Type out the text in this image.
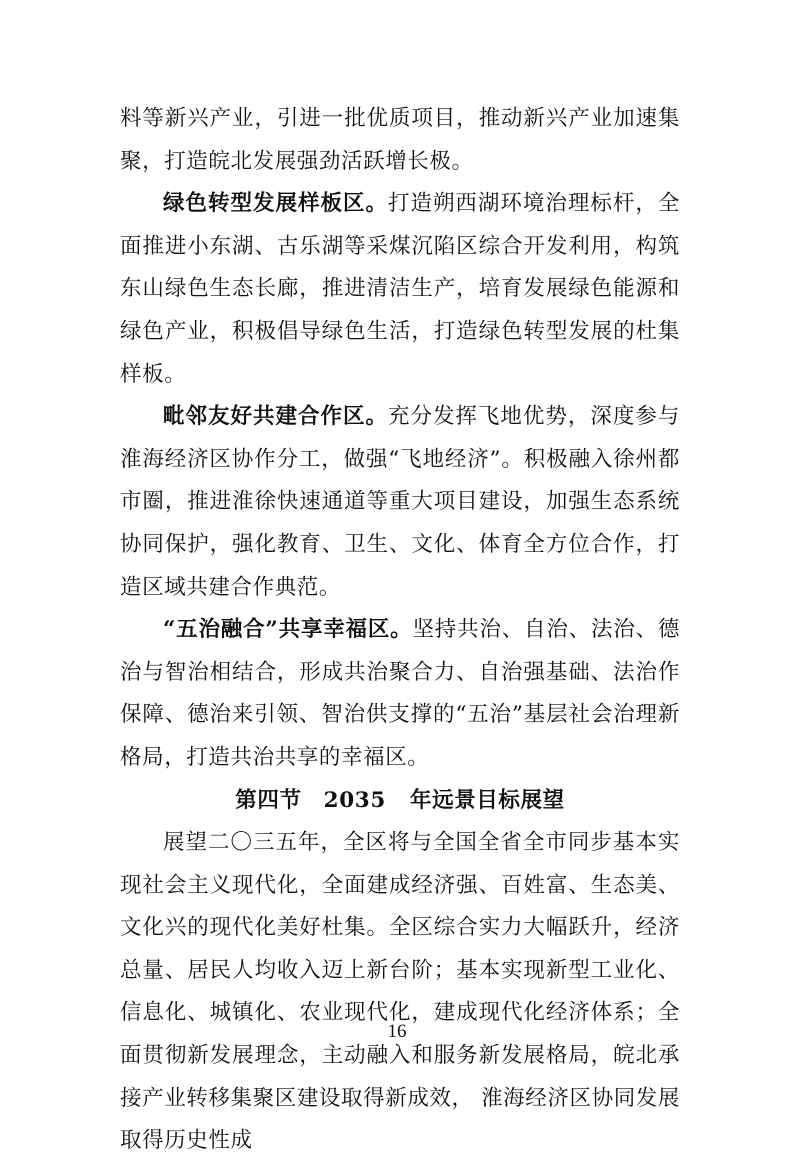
料等新兴产业，引进一批优质项目，推动新兴产业加速集聚，打造皖北发展强劲活跃增长极。

绿色转型发展样板区。打造朔西湖环境治理标杆，全面推进小东湖、古乐湖等采煤沉陷区综合开发利用，构筑东山绿色生态长廊，推进清洁生产，培育发展绿色能源和绿色产业，积极倡导绿色生活，打造绿色转型发展的杜集样板。

毗邻友好共建合作区。充分发挥飞地优势，深度参与淮海经济区协作分工，做强“飞地经济”。积极融入徐州都市圈，推进淮徐快速通道等重大项目建设，加强生态系统协同保护，强化教育、卫生、文化、体育全方位合作，打造区域共建合作典范。

“五治融合”共享幸福区。坚持共治、自治、法治、德治与智治相结合，形成共治聚合力、自治强基础、法治作保障、德治来引领、智治供支撑的“五治”基层社会治理新格局，打造共治共享的幸福区。

第四节　2035 年远景目标展望

展望二〇三五年，全区将与全国全省全市同步基本实现社会主义现代化，全面建成经济强、百姓富、生态美、文化兴的现代化美好杜集。全区综合实力大幅跃升，经济总量、居民人均收入迈上新台阶；基本实现新型工业化、信息化、城镇化、农业现代化，建成现代化经济体系；全面贯彻新发展理念，主动融入和服务新发展格局，皖北承接产业转移集聚区建设取得新成效， 淮海经济区协同发展取得历史性成

16
